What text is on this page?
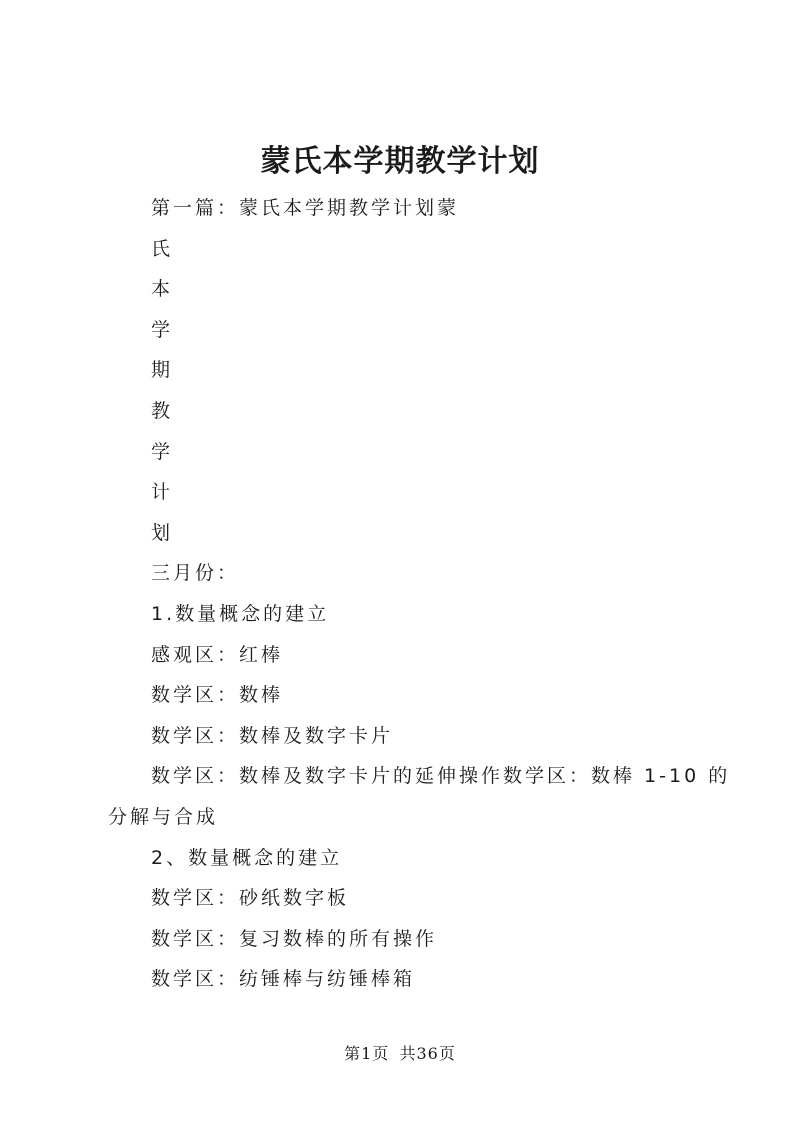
蒙氏本学期教学计划
第一篇：蒙氏本学期教学计划蒙
氏
本
学
期
教
学
计
划
三月份：
1.数量概念的建立
感观区：红棒
数学区：数棒
数学区：数棒及数字卡片
数学区：数棒及数字卡片的延伸操作数学区：数棒 1-10 的
分解与合成
2、数量概念的建立
数学区：砂纸数字板
数学区：复习数棒的所有操作
数学区：纺锤棒与纺锤棒箱
第1页 共36页
